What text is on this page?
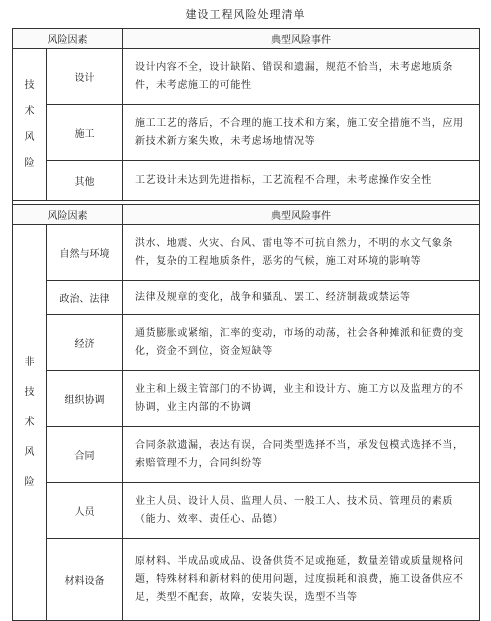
建设工程风险处理清单
风险因素		典型风险事件

技术风险	设计	设计内容不全，设计缺陷、错误和遗漏，规范不恰当，未考虑地质条件，未考虑施工的可能性
	施工	施工工艺的落后，不合理的施工技术和方案，施工安全措施不当，应用新技术新方案失败，未考虑场地情况等
	其他	工艺设计未达到先进指标，工艺流程不合理，未考虑操作安全性

风险因素		典型风险事件

非技术风险	自然与环境	洪水、地震、火灾、台风、雷电等不可抗自然力，不明的水文气象条件，复杂的工程地质条件，恶劣的气候，施工对环境的影响等
	政治、法律	法律及规章的变化，战争和骚乱、罢工、经济制裁或禁运等
	经济	通货膨胀或紧缩，汇率的变动，市场的动荡，社会各种摊派和征费的变化，资金不到位，资金短缺等
	组织协调	业主和上级主管部门的不协调，业主和设计方、施工方以及监理方的不协调，业主内部的不协调
	合同	合同条款遗漏，表达有误，合同类型选择不当，承发包模式选择不当，索赔管理不力，合同纠纷等
	人员	业主人员、设计人员、监理人员、一般工人、技术员、管理员的素质（能力、效率、责任心、品德）
	材料设备	原材料、半成品或成品、设备供货不足或拖延，数量差错或质量规格问题，特殊材料和新材料的使用问题，过度损耗和浪费，施工设备供应不足，类型不配套，故障，安装失误，选型不当等
